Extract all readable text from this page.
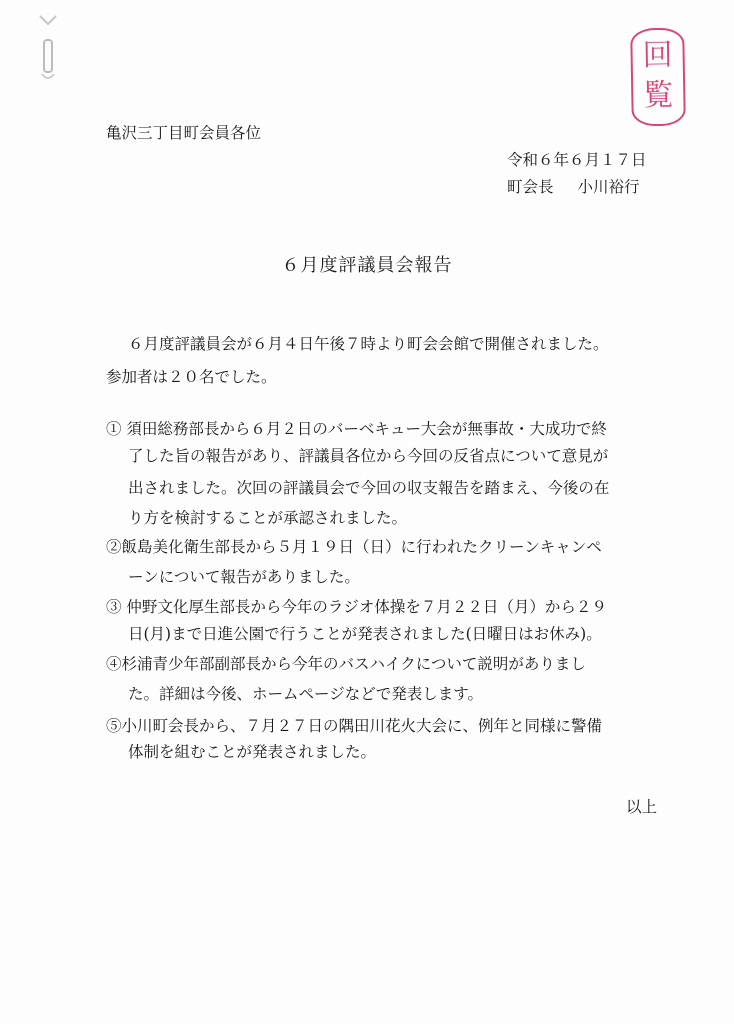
回
覧
亀沢三丁目町会員各位
令和６年６月１７日
町会長 小川裕行
６月度評議員会報告
６月度評議員会が６月４日午後７時より町会会館で開催されました。
参加者は２０名でした。
① 須田総務部長から６月２日のバーベキュー大会が無事故・大成功で終
了した旨の報告があり、評議員各位から今回の反省点について意見が
出されました。次回の評議員会で今回の収支報告を踏まえ、今後の在
り方を検討することが承認されました。
②飯島美化衛生部長から５月１９日（日）に行われたクリーンキャンペ
ーンについて報告がありました。
③ 仲野文化厚生部長から今年のラジオ体操を７月２２日（月）から２９
日(月)まで日進公園で行うことが発表されました(日曜日はお休み)。
④杉浦青少年部副部長から今年のバスハイクについて説明がありまし
た。詳細は今後、ホームページなどで発表します。
⑤小川町会長から、７月２７日の隅田川花火大会に、例年と同様に警備
体制を組むことが発表されました。
以上
